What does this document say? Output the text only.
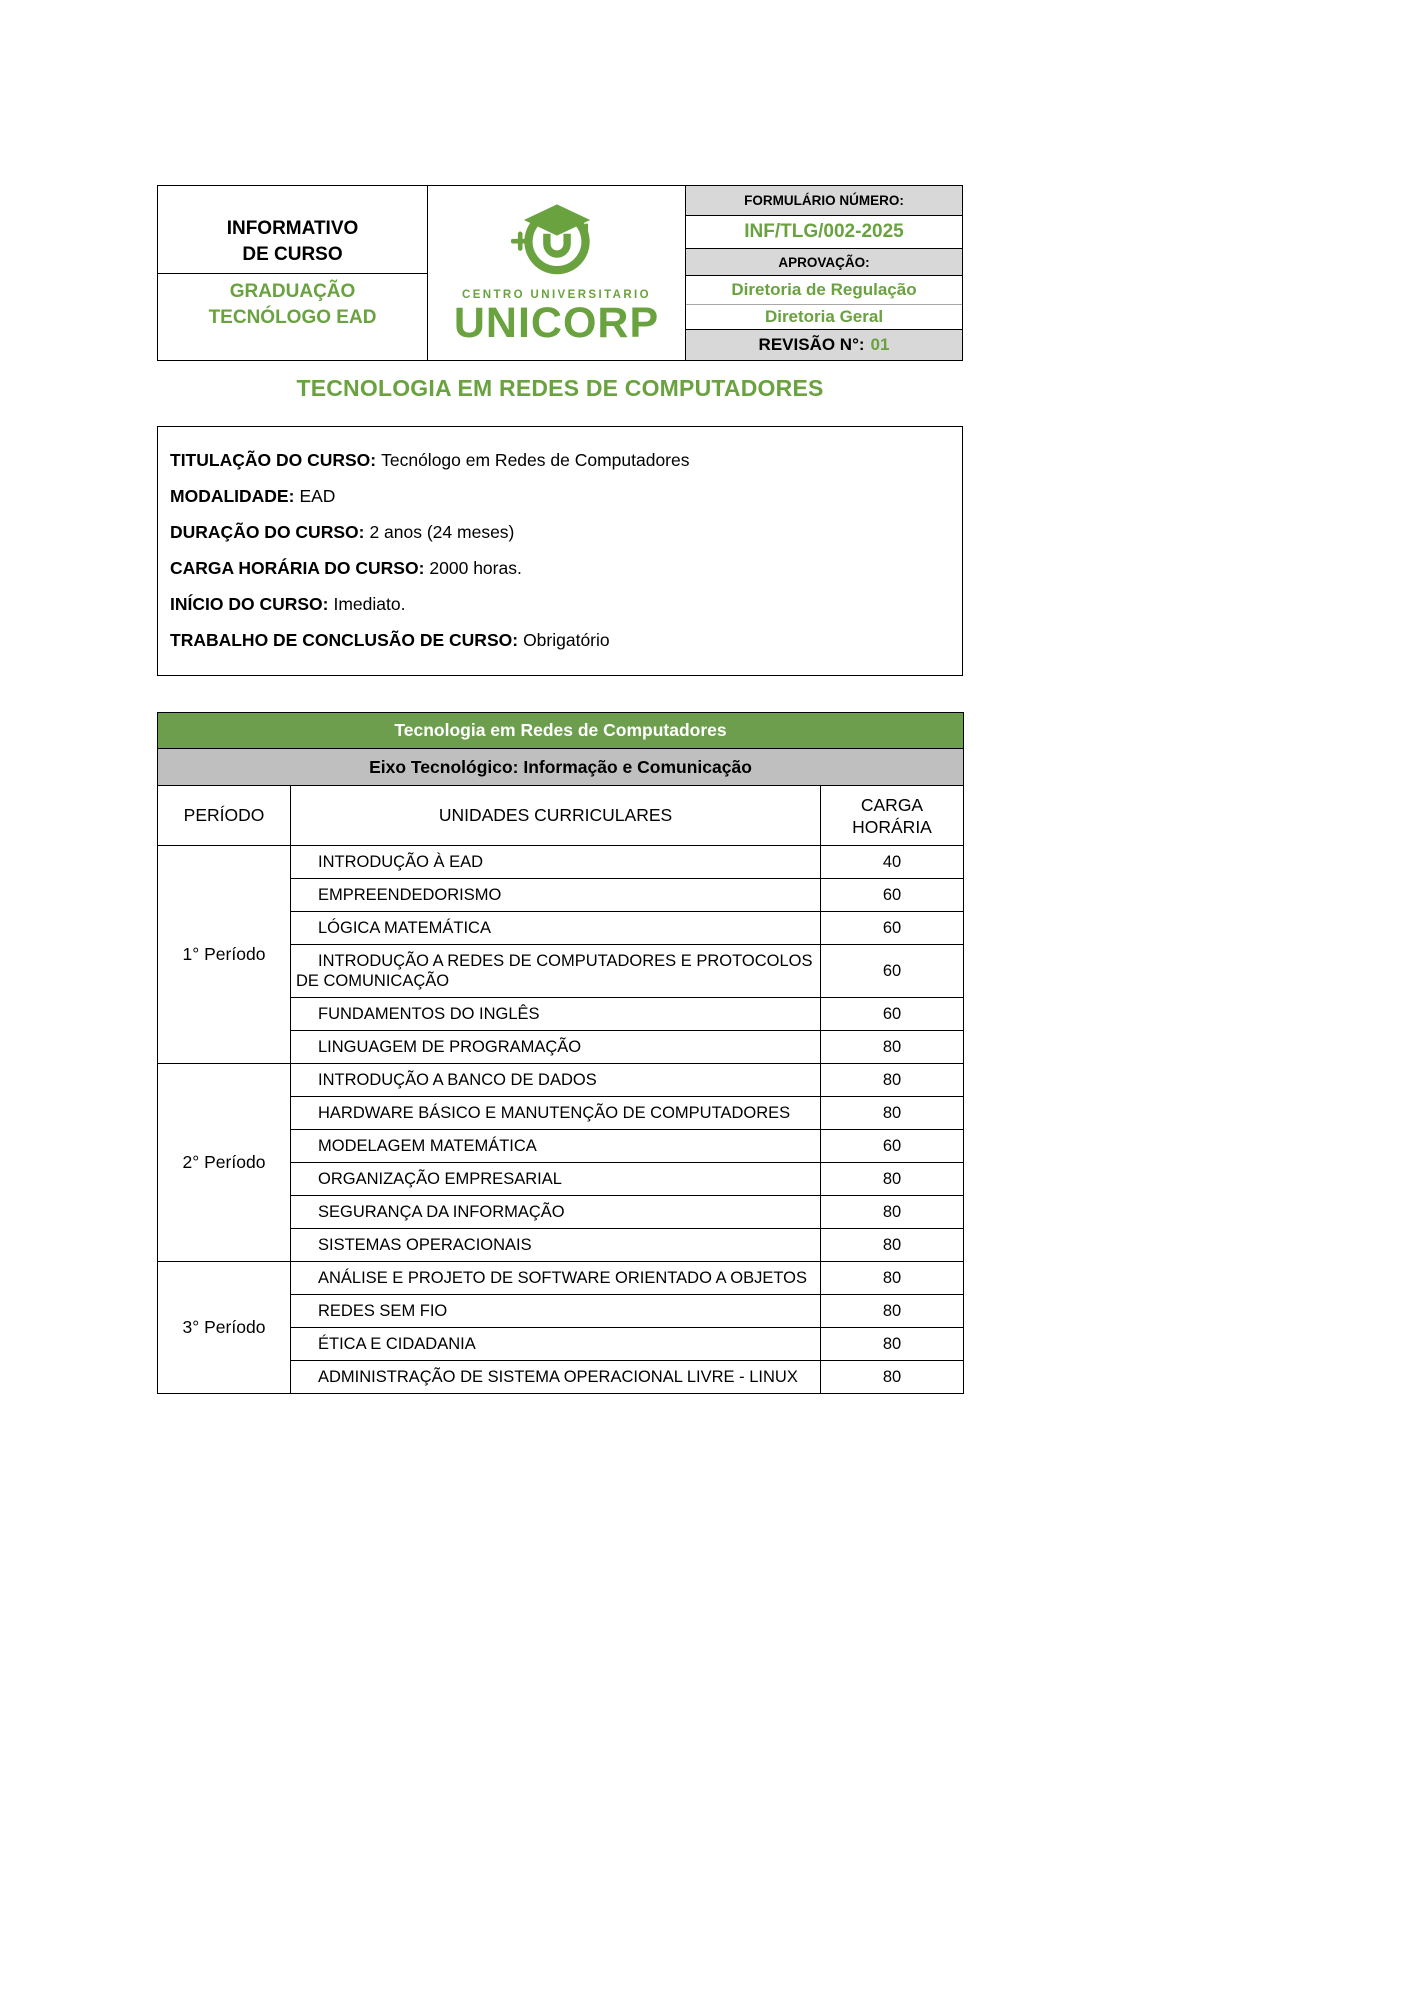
INFORMATIVO
DE CURSO
GRADUAÇÃO
TECNÓLOGO EAD
CENTRO UNIVERSITARIO
UNICORP
FORMULÁRIO NÚMERO:
INF/TLG/002-2025
APROVAÇÃO:
Diretoria de Regulação
Diretoria Geral
REVISÃO N°: 01
TECNOLOGIA EM REDES DE COMPUTADORES
TITULAÇÃO DO CURSO: Tecnólogo em Redes de Computadores
MODALIDADE: EAD
DURAÇÃO DO CURSO: 2 anos (24 meses)
CARGA HORÁRIA DO CURSO: 2000 horas.
INÍCIO DO CURSO: Imediato.
TRABALHO DE CONCLUSÃO DE CURSO: Obrigatório
Tecnologia em Redes de Computadores		
Eixo Tecnológico: Informação e Comunicação		
PERÍODO	UNIDADES CURRICULARES	CARGA HORÁRIA
1° Período	INTRODUÇÃO À EAD	40
	EMPREENDEDORISMO	60
	LÓGICA MATEMÁTICA	60
	INTRODUÇÃO A REDES DE COMPUTADORES E PROTOCOLOS DE COMUNICAÇÃO	60
	FUNDAMENTOS DO INGLÊS	60
	LINGUAGEM DE PROGRAMAÇÃO	80
2° Período	INTRODUÇÃO A BANCO DE DADOS	80
	HARDWARE BÁSICO E MANUTENÇÃO DE COMPUTADORES	80
	MODELAGEM MATEMÁTICA	60
	ORGANIZAÇÃO EMPRESARIAL	80
	SEGURANÇA DA INFORMAÇÃO	80
	SISTEMAS OPERACIONAIS	80
3° Período	ANÁLISE E PROJETO DE SOFTWARE ORIENTADO A OBJETOS	80
	REDES SEM FIO	80
	ÉTICA E CIDADANIA	80
	ADMINISTRAÇÃO DE SISTEMA OPERACIONAL LIVRE - LINUX	80
